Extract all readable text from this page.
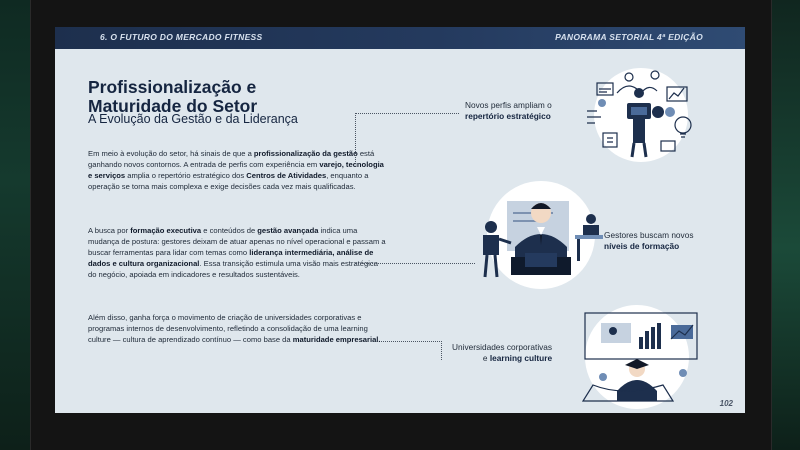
6. O FUTURO DO MERCADO FITNESS	PANORAMA SETORIAL 4ª EDIÇÃO
Profissionalização e
Maturidade do Setor
A Evolução da Gestão e da Liderança
Em meio à evolução do setor, há sinais de que a profissionalização da gestão está ganhando novos contornos. A entrada de perfis com experiência em varejo, tecnologia e serviços amplia o repertório estratégico dos Centros de Atividades, enquanto a operação se torna mais complexa e exige decisões cada vez mais qualificadas.
A busca por formação executiva e conteúdos de gestão avançada indica uma mudança de postura: gestores deixam de atuar apenas no nível operacional e passam a buscar ferramentas para lidar com temas como liderança intermediária, análise de dados e cultura organizacional. Essa transição estimula uma visão mais estratégica do negócio, apoiada em indicadores e resultados sustentáveis.
Além disso, ganha força o movimento de criação de universidades corporativas e programas internos de desenvolvimento, refletindo a consolidação de uma learning culture — cultura de aprendizado contínuo — como base da maturidade empresarial.
Novos perfis ampliam o
repertório estratégico
Gestores buscam novos
níveis de formação
Universidades corporativas
e learning culture
102
